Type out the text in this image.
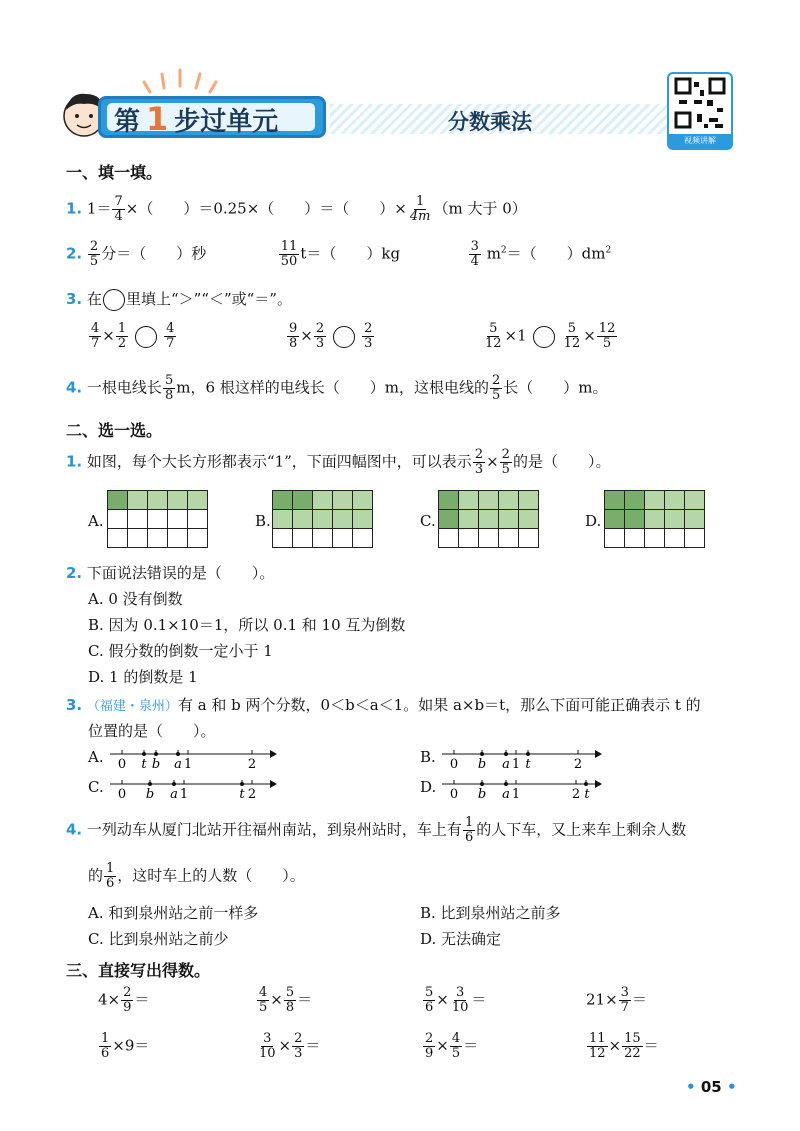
第 1 步过单元	分数乘法
视频讲解
一、填一填。
1. $1= \frac{7}{4}$ ×（　　）＝0.25×（　　）＝（　　）× $\frac{1}{4m} (m$ 大于 0）
2. $\frac{2}{5}$ 分＝（　　）秒	$\frac{11}{50} t=$（　　）kg	$\frac{3}{4} m^2=$（　　）$dm^2$
3. 在 里填上“＞”“＜”或“＝”。
$\frac{4}{7} \times \frac{1}{2}$	$\frac{4}{7}$	$\frac{9}{8} \times \frac{2}{3}$	$\frac{2}{3}$	$\frac{5}{12} \times 1$	$\frac{5}{12} \times \frac{12}{5}$
4. 一根电线长 $\frac{5}{8}$ m，6 根这样的电线长（　　）m，这根电线的 $\frac{2}{5}$ 长（　　）m。
二、选一选。
1. 如图，每个大长方形都表示“1”，下面四幅图中，可以表示 $\frac{2}{3} \times \frac{2}{5}$ 的是（　　）。
A.

					B.

					C.

					D.

2. 下面说法错误的是（　　）。
A. 0 没有倒数
B. 因为 0.1×10＝1，所以 0.1 和 10 互为倒数
C. 假分数的倒数一定小于 1
D. 1 的倒数是 1
3. （福建・泉州）有 a 和 b 两个分数，0＜b＜a＜1。如果 a×b＝t，那么下面可能正确表示 t 的
位置的是（　　）。
A. 0 t b a 1	2	B. 0 b a 1 t	2
C. 0 b a 1	t 2	D. 0 b a 1	2 t
4. 一列动车从厦门北站开往福州南站，到泉州站时，车上有 $\frac{1}{6}$ 的人下车，又上来车上剩余人数
的 $\frac{1}{6}$ ，这时车上的人数（　　）。
A. 和到泉州站之前一样多	B. 比到泉州站之前多
C. 比到泉州站之前少	D. 无法确定
三、直接写出得数。
$4\times \frac{2}{9}$ ＝	$\frac{4}{5} \times \frac{5}{8}$ ＝	$\frac{5}{6} \times \frac{3}{10}$ ＝	$21\times \frac{3}{7}$ ＝
$\frac{1}{6} \times 9=$	$\frac{3}{10} \times \frac{2}{3}$ ＝	$\frac{2}{9} \times \frac{4}{5}$ ＝	$\frac{11}{12} \times \frac{15}{22}$ ＝
• 05 •
